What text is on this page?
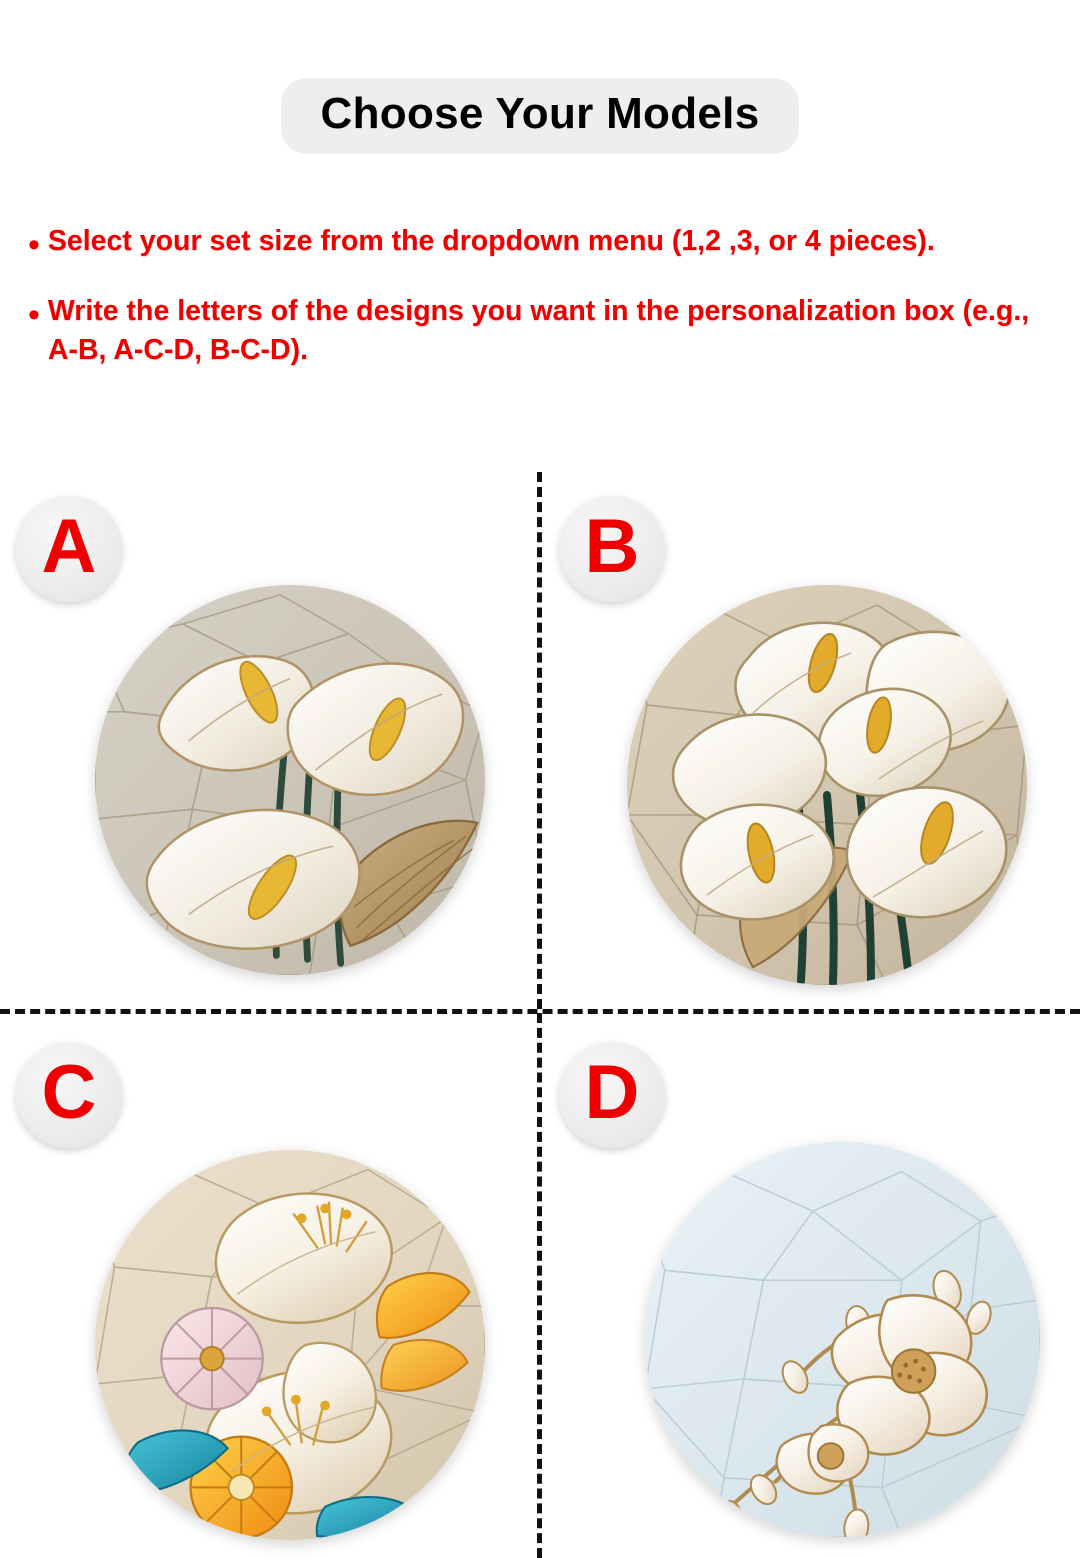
Choose Your Models
• Select your set size from the dropdown menu (1,2 ,3, or 4 pieces).
• Write the letters of the designs you want in the personalization box (e.g., A-B, A-C-D, B-C-D).
A	B
C	D
